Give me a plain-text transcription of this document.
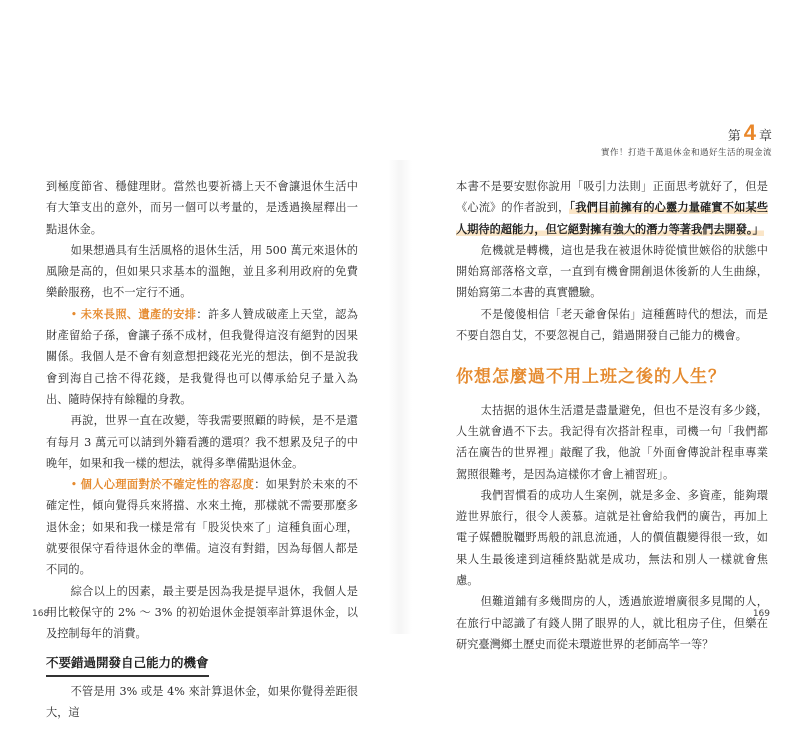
到極度節省、穩健理財。當然也要祈禱上天不會讓退休生活中有大筆支出的意外，而另一個可以考量的，是透過換屋釋出一點退休金。

如果想過具有生活風格的退休生活，用 500 萬元來退休的風險是高的，但如果只求基本的溫飽，並且多利用政府的免費樂齡服務，也不一定行不通。

• 未來長照、遺產的安排：許多人贊成破產上天堂，認為財產留給子孫，會讓子孫不成材，但我覺得這沒有絕對的因果關係。我個人是不會有刻意想把錢花光光的想法，倒不是說我會到海自己捨不得花錢，是我覺得也可以傳承給兒子量入為出、隨時保持有餘糧的身教。

再說，世界一直在改變，等我需要照顧的時候，是不是還有每月 3 萬元可以請到外籍看護的選項？我不想累及兒子的中晚年，如果和我一樣的想法，就得多準備點退休金。

• 個人心理面對於不確定性的容忍度：如果對於未來的不確定性，傾向覺得兵來將擋、水來土掩，那樣就不需要那麼多退休金；如果和我一樣是常有「股災快來了」這種負面心理，就要很保守看待退休金的準備。這沒有對錯，因為每個人都是不同的。

綜合以上的因素，最主要是因為我是提早退休，我個人是用比較保守的 2% ～ 3% 的初始退休金提領率計算退休金，以及控制每年的消費。

不要錯過開發自己能力的機會

不管是用 3% 或是 4% 來計算退休金，如果你覺得差距很大，這

168
第 4 章
實作！打造千萬退休金和過好生活的現金流

本書不是要安慰你說用「吸引力法則」正面思考就好了，但是《心流》的作者說到，「我們目前擁有的心靈力量確實不如某些人期待的超能力，但它絕對擁有強大的潛力等著我們去開發。」

危機就是轉機，這也是我在被退休時從憤世嫉俗的狀態中開始寫部落格文章，一直到有機會開創退休後新的人生曲線，開始寫第二本書的真實體驗。

不是傻傻相信「老天爺會保佑」這種舊時代的想法，而是不要自怨自艾，不要忽視自己，錯過開發自己能力的機會。

你想怎麼過不用上班之後的人生？

太拮据的退休生活還是盡量避免，但也不是沒有多少錢，人生就會過不下去。我記得有次搭計程車，司機一句「我們都活在廣告的世界裡」敲醒了我，他說「外面會傳說計程車專業駕照很難考，是因為這樣你才會上補習班」。

我們習慣看的成功人生案例，就是多金、多資產，能夠環遊世界旅行，很令人羨慕。這就是社會給我們的廣告，再加上電子媒體脫韁野馬般的訊息流通，人的價值觀變得很一致，如果人生最後達到這種終點就是成功，無法和別人一樣就會焦慮。

但難道鋪有多幾間房的人，透過旅遊增廣很多見聞的人，在旅行中認識了有錢人開了眼界的人，就比租房子住，但樂在研究臺灣鄉土歷史而從未環遊世界的老師高竿一等？

169
